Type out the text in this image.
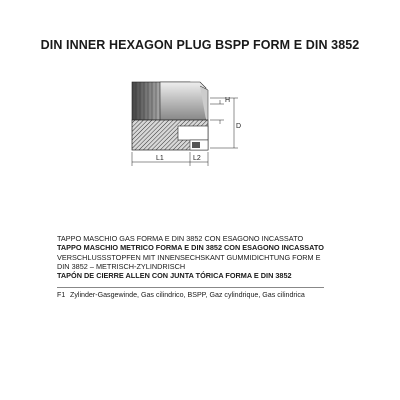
DIN INNER HEXAGON PLUG BSPP FORM E DIN 3852
H
D
L1	L2
TAPPO MASCHIO GAS FORMA E DIN 3852 CON ESAGONO INCASSATO
TAPPO MASCHIO METRICO FORMA E DIN 3852 CON ESAGONO INCASSATO
VERSCHLUSSSTOPFEN MIT INNENSECHSKANT GUMMIDICHTUNG FORM E
DIN 3852 – METRISCH-ZYLINDRISCH
TAPÓN DE CIERRE ALLEN CON JUNTA TÓRICA FORMA E DIN 3852
F1 Zylinder-Gasgewinde, Gas cilindrico, BSPP, Gaz cylindrique, Gas cilindrica
